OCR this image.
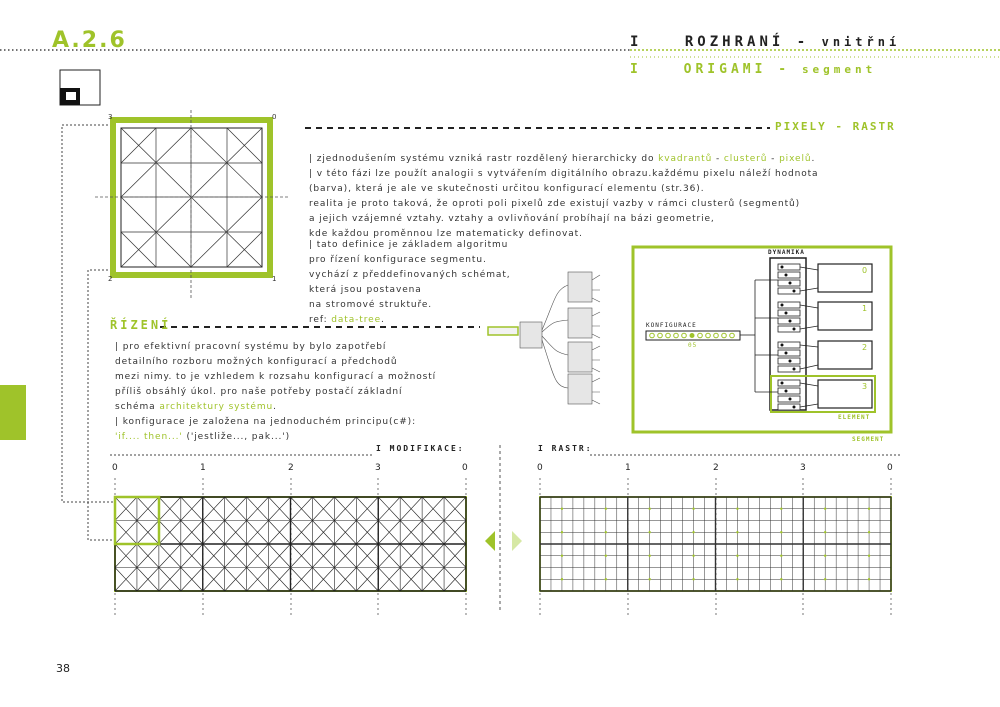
A.2.6	I	ROZHRANÍ - vnitřní
I	ORIGAMI - segment
3	0
2	1
PIXELY - RASTR

| zjednodušením systému vzniká rastr rozdělený hierarchicky do kvadrantů - clusterů - pixelů.

| v této fázi lze použít analogii s vytvářením digitálního obrazu.každému pixelu náleží hodnota

(barva), která je ale ve skutečnosti určitou konfigurací elementu (str.36).

realita je proto taková, že oproti poli pixelů zde existují vazby v rámci clusterů (segmentů)

a jejich vzájemné vztahy. vztahy a ovlivňování probíhají na bázi geometrie,

kde každou proměnnou lze matematicky definovat.

| tato definice je základem algoritmu

pro řízení konfigurace segmentu.

vychází z předdefinovaných schémat,

která jsou postavena

na stromové struktuře.

ref: data-tree.

ŘÍZENÍ

| pro efektivní pracovní systému by bylo zapotřebí

detailního rozboru možných konfigurací a předchodů

mezi nimy. to je vzhledem k rozsahu konfigurací a možností

příliš obsáhlý úkol. pro naše potřeby postačí základní

schéma architektury systému.

| konfigurace je založena na jednoduchém principu(c#):

'if.... then...' ('jestliže..., pak...')

DYNAMIKA
KONFIGURACE
05
0
1
2
3
ELEMENT
SEGMENT
I MODIFIKACE:	I RASTR:
0	1	2	3	0	0	1	2	3	0
38
